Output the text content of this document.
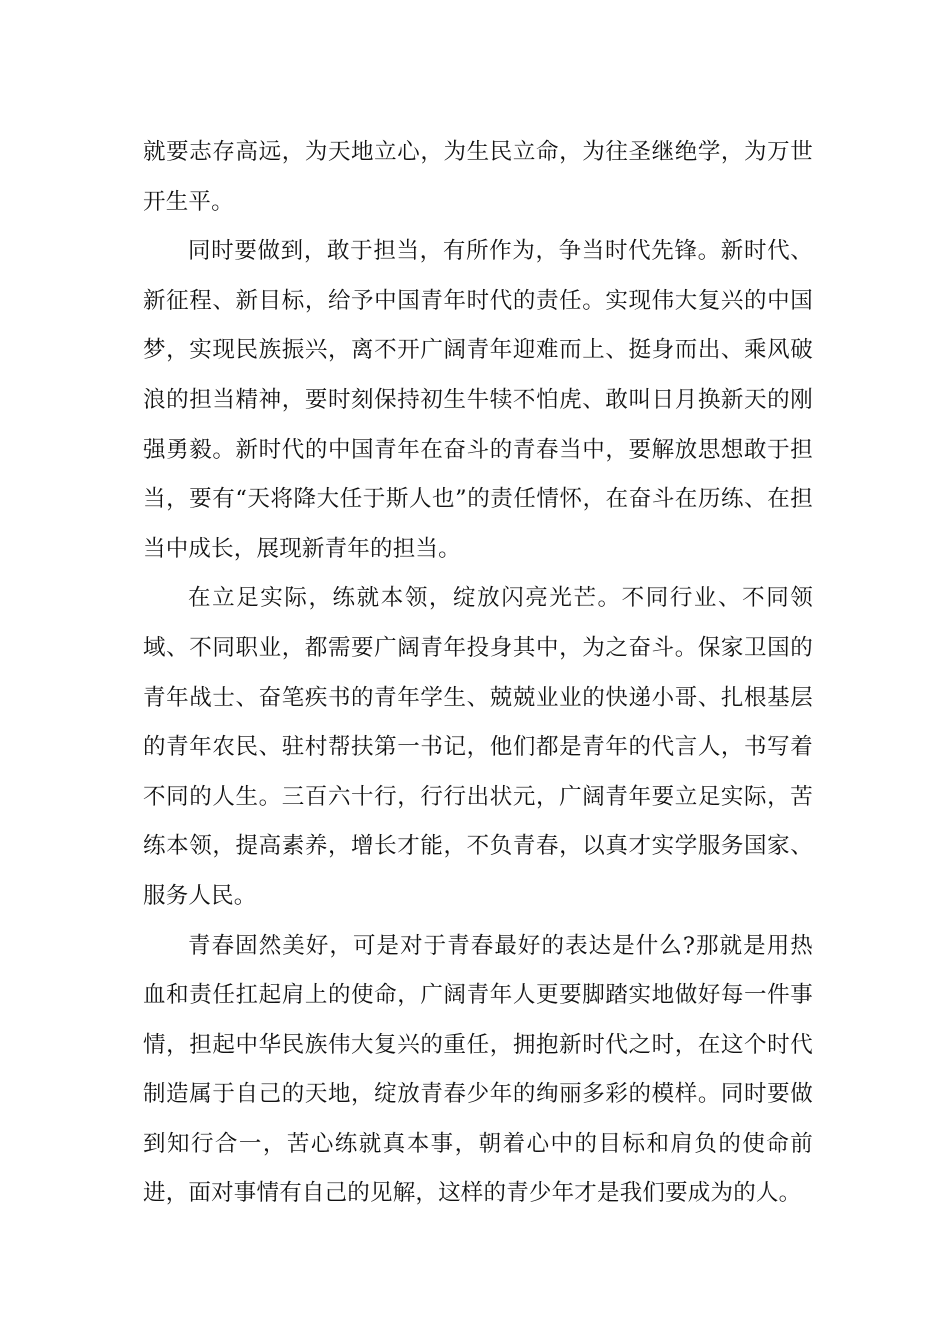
就要志存高远，为天地立心，为生民立命，为往圣继绝学，为万世开生平。

同时要做到，敢于担当，有所作为，争当时代先锋。新时代、新征程、新目标，给予中国青年时代的责任。实现伟大复兴的中国梦，实现民族振兴，离不开广阔青年迎难而上、挺身而出、乘风破浪的担当精神，要时刻保持初生牛犊不怕虎、敢叫日月换新天的刚强勇毅。新时代的中国青年在奋斗的青春当中，要解放思想敢于担当，要有“天将降大任于斯人也”的责任情怀，在奋斗在历练、在担当中成长，展现新青年的担当。

在立足实际，练就本领，绽放闪亮光芒。不同行业、不同领域、不同职业，都需要广阔青年投身其中，为之奋斗。保家卫国的青年战士、奋笔疾书的青年学生、兢兢业业的快递小哥、扎根基层的青年农民、驻村帮扶第一书记，他们都是青年的代言人，书写着不同的人生。三百六十行，行行出状元，广阔青年要立足实际，苦练本领，提高素养，增长才能，不负青春，以真才实学服务国家、服务人民。

青春固然美好，可是对于青春最好的表达是什么?那就是用热血和责任扛起肩上的使命，广阔青年人更要脚踏实地做好每一件事情，担起中华民族伟大复兴的重任，拥抱新时代之时，在这个时代制造属于自己的天地，绽放青春少年的绚丽多彩的模样。同时要做到知行合一，苦心练就真本事，朝着心中的目标和肩负的使命前进，面对事情有自己的见解，这样的青少年才是我们要成为的人。
